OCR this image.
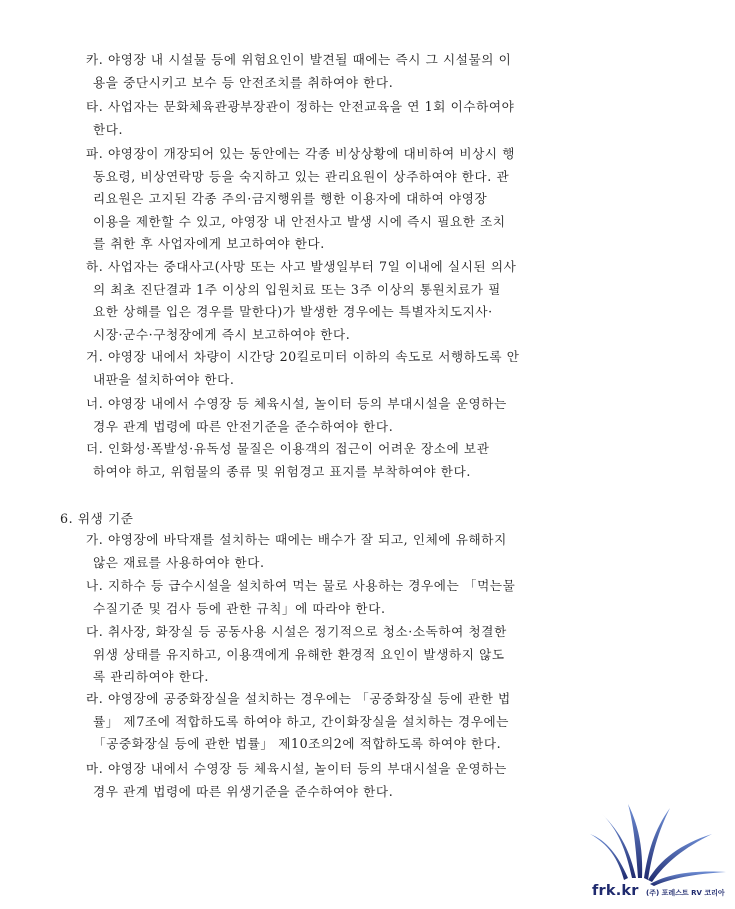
카. 야영장 내 시설물 등에 위험요인이 발견될 때에는 즉시 그 시설물의 이
용을 중단시키고 보수 등 안전조치를 취하여야 한다.
타. 사업자는 문화체육관광부장관이 정하는 안전교육을 연 1회 이수하여야
한다.
파. 야영장이 개장되어 있는 동안에는 각종 비상상황에 대비하여 비상시 행
동요령, 비상연락망 등을 숙지하고 있는 관리요원이 상주하여야 한다. 관
리요원은 고지된 각종 주의·금지행위를 행한 이용자에 대하여 야영장
이용을 제한할 수 있고, 야영장 내 안전사고 발생 시에 즉시 필요한 조치
를 취한 후 사업자에게 보고하여야 한다.
하. 사업자는 중대사고(사망 또는 사고 발생일부터 7일 이내에 실시된 의사
의 최초 진단결과 1주 이상의 입원치료 또는 3주 이상의 통원치료가 필
요한 상해를 입은 경우를 말한다)가 발생한 경우에는 특별자치도지사·
시장·군수·구청장에게 즉시 보고하여야 한다.
거. 야영장 내에서 차량이 시간당 20킬로미터 이하의 속도로 서행하도록 안
내판을 설치하여야 한다.
너. 야영장 내에서 수영장 등 체육시설, 놀이터 등의 부대시설을 운영하는
경우 관계 법령에 따른 안전기준을 준수하여야 한다.
더. 인화성·폭발성·유독성 물질은 이용객의 접근이 어려운 장소에 보관
하여야 하고, 위험물의 종류 및 위험경고 표지를 부착하여야 한다.
6. 위생 기준
가. 야영장에 바닥재를 설치하는 때에는 배수가 잘 되고, 인체에 유해하지
않은 재료를 사용하여야 한다.
나. 지하수 등 급수시설을 설치하여 먹는 물로 사용하는 경우에는 「먹는물
수질기준 및 검사 등에 관한 규칙」에 따라야 한다.
다. 취사장, 화장실 등 공동사용 시설은 정기적으로 청소·소독하여 청결한
위생 상태를 유지하고, 이용객에게 유해한 환경적 요인이 발생하지 않도
록 관리하여야 한다.
라. 야영장에 공중화장실을 설치하는 경우에는 「공중화장실 등에 관한 법
률」 제7조에 적합하도록 하여야 하고, 간이화장실을 설치하는 경우에는
「공중화장실 등에 관한 법률」 제10조의2에 적합하도록 하여야 한다.
마. 야영장 내에서 수영장 등 체육시설, 놀이터 등의 부대시설을 운영하는
경우 관계 법령에 따른 위생기준을 준수하여야 한다.
frk.kr (주) 포레스트 RV 코리아
